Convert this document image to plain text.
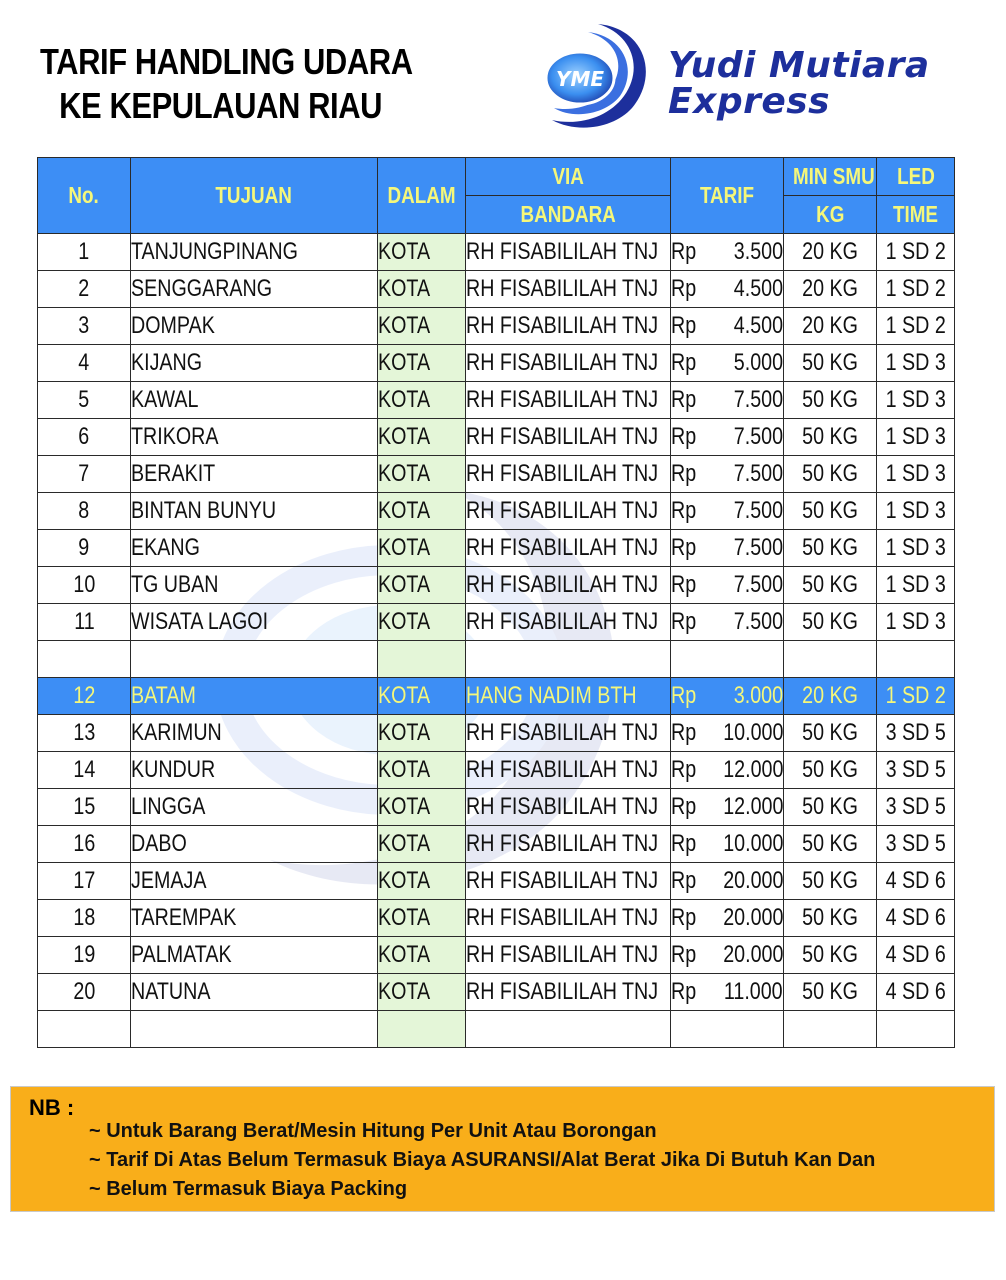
TARIF HANDLING UDARA
KE KEPULAUAN RIAU
YME Yudi Mutiara
Express
No.	TUJUAN	DALAM	VIA	TARIF	MIN SMU	LED
			BANDARA		KG	TIME
1	TANJUNGPINANG	KOTA	RH FISABILILAH TNJ	Rp 3.500	20 KG	1 SD 2
2	SENGGARANG	KOTA	RH FISABILILAH TNJ	Rp 4.500	20 KG	1 SD 2
3	DOMPAK	KOTA	RH FISABILILAH TNJ	Rp 4.500	20 KG	1 SD 2
4	KIJANG	KOTA	RH FISABILILAH TNJ	Rp 5.000	50 KG	1 SD 3
5	KAWAL	KOTA	RH FISABILILAH TNJ	Rp 7.500	50 KG	1 SD 3
6	TRIKORA	KOTA	RH FISABILILAH TNJ	Rp 7.500	50 KG	1 SD 3
7	BERAKIT	KOTA	RH FISABILILAH TNJ	Rp 7.500	50 KG	1 SD 3
8	BINTAN BUNYU	KOTA	RH FISABILILAH TNJ	Rp 7.500	50 KG	1 SD 3
9	EKANG	KOTA	RH FISABILILAH TNJ	Rp 7.500	50 KG	1 SD 3
10	TG UBAN	KOTA	RH FISABILILAH TNJ	Rp 7.500	50 KG	1 SD 3
11	WISATA LAGOI	KOTA	RH FISABILILAH TNJ	Rp 7.500	50 KG	1 SD 3

12	BATAM	KOTA	HANG NADIM BTH	Rp 3.000	20 KG	1 SD 2
13	KARIMUN	KOTA	RH FISABILILAH TNJ	Rp 10.000	50 KG	3 SD 5
14	KUNDUR	KOTA	RH FISABILILAH TNJ	Rp 12.000	50 KG	3 SD 5
15	LINGGA	KOTA	RH FISABILILAH TNJ	Rp 12.000	50 KG	3 SD 5
16	DABO	KOTA	RH FISABILILAH TNJ	Rp 10.000	50 KG	3 SD 5
17	JEMAJA	KOTA	RH FISABILILAH TNJ	Rp 20.000	50 KG	4 SD 6
18	TAREMPAK	KOTA	RH FISABILILAH TNJ	Rp 20.000	50 KG	4 SD 6
19	PALMATAK	KOTA	RH FISABILILAH TNJ	Rp 20.000	50 KG	4 SD 6
20	NATUNA	KOTA	RH FISABILILAH TNJ	Rp 11.000	50 KG	4 SD 6

NB :
~ Untuk Barang Berat/Mesin Hitung Per Unit Atau Borongan
~ Tarif Di Atas Belum Termasuk Biaya ASURANSI/Alat Berat Jika Di Butuh Kan Dan
~ Belum Termasuk Biaya Packing
